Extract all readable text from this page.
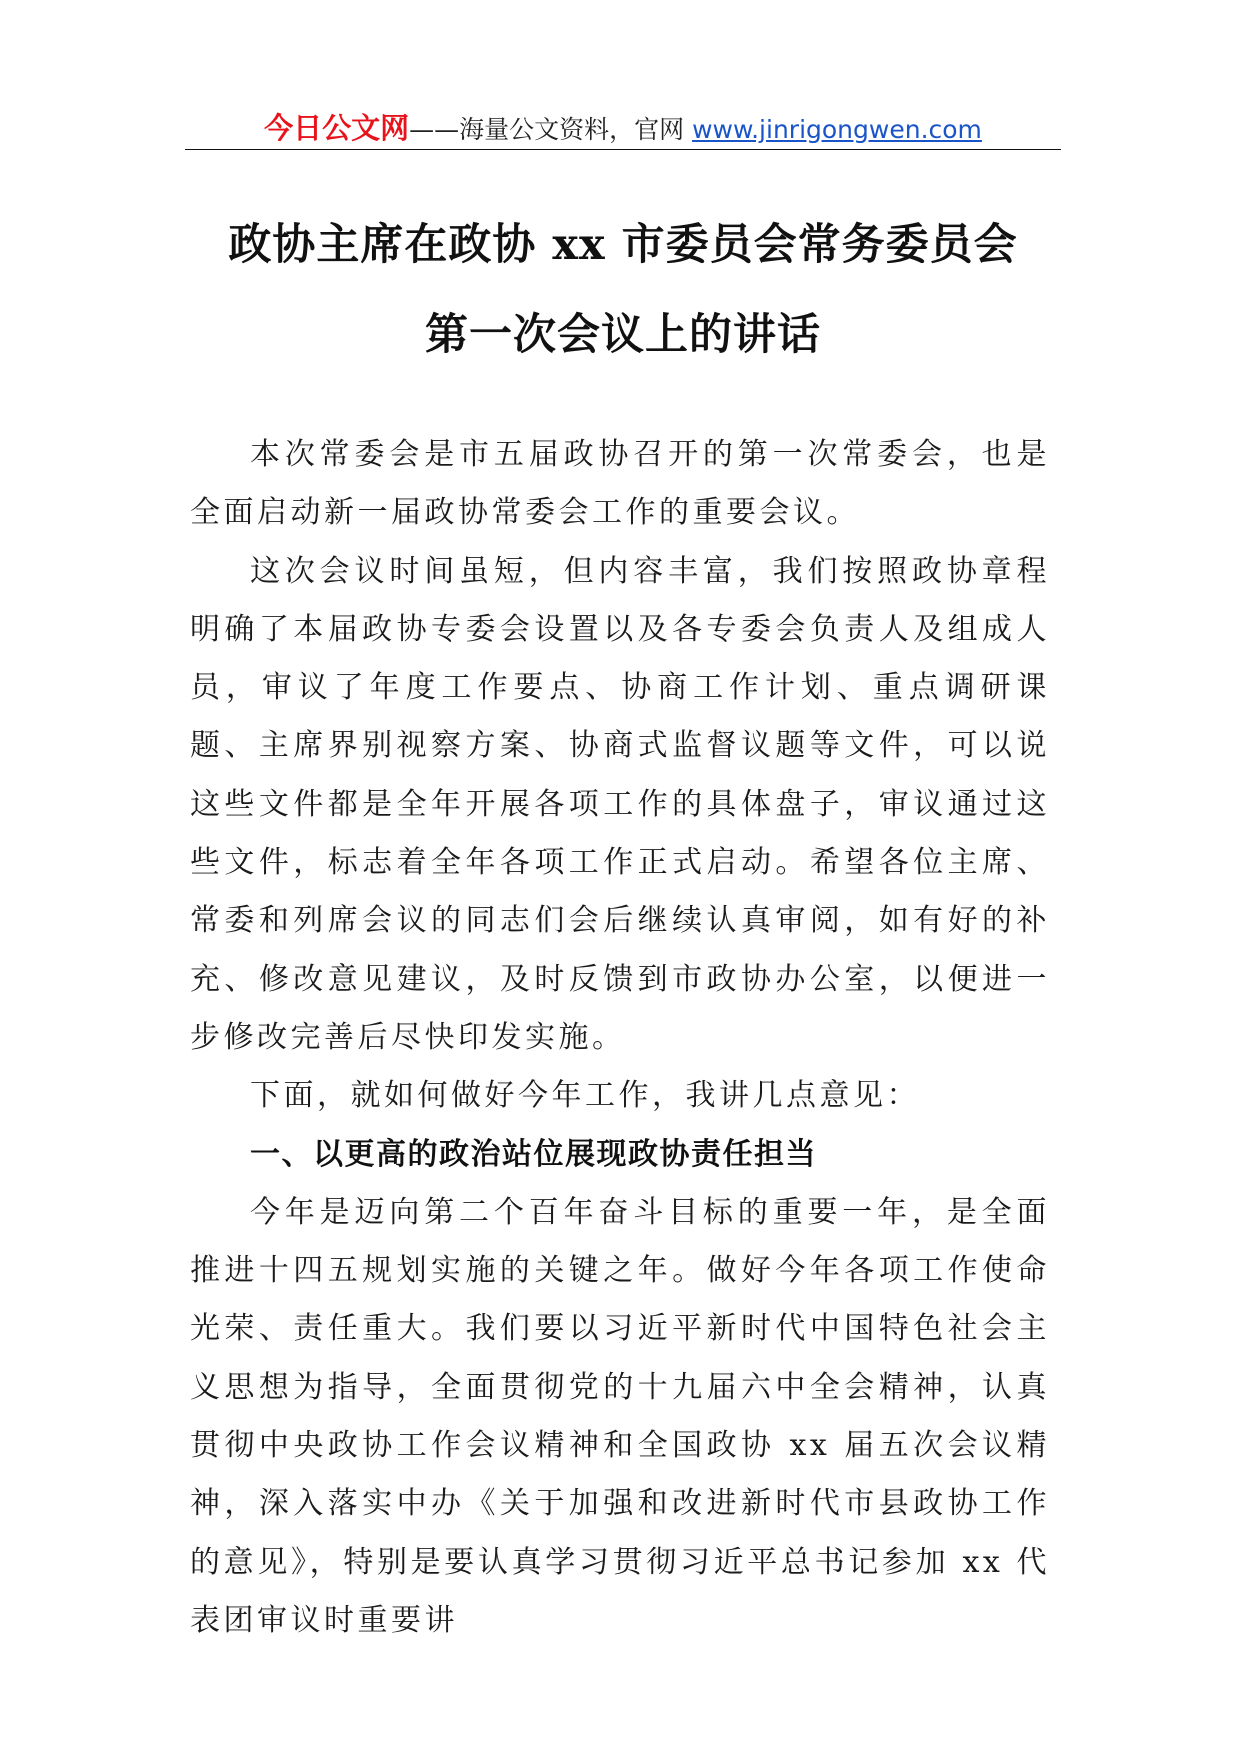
今日公文网——海量公文资料，官网 www.jinrigongwen.com
政协主席在政协 xx 市委员会常务委员会
第一次会议上的讲话

本次常委会是市五届政协召开的第一次常委会，也是全面启动新一届政协常委会工作的重要会议。

这次会议时间虽短，但内容丰富，我们按照政协章程明确了本届政协专委会设置以及各专委会负责人及组成人员，审议了年度工作要点、协商工作计划、重点调研课题、主席界别视察方案、协商式监督议题等文件，可以说这些文件都是全年开展各项工作的具体盘子，审议通过这些文件，标志着全年各项工作正式启动。希望各位主席、常委和列席会议的同志们会后继续认真审阅，如有好的补充、修改意见建议，及时反馈到市政协办公室，以便进一步修改完善后尽快印发实施。

下面，就如何做好今年工作，我讲几点意见：

一、以更高的政治站位展现政协责任担当

今年是迈向第二个百年奋斗目标的重要一年，是全面推进十四五规划实施的关键之年。做好今年各项工作使命光荣、责任重大。我们要以习近平新时代中国特色社会主义思想为指导，全面贯彻党的十九届六中全会精神，认真贯彻中央政协工作会议精神和全国政协 xx 届五次会议精神，深入落实中办《关于加强和改进新时代市县政协工作的意见》，特别是要认真学习贯彻习近平总书记参加 xx 代表团审议时重要讲
